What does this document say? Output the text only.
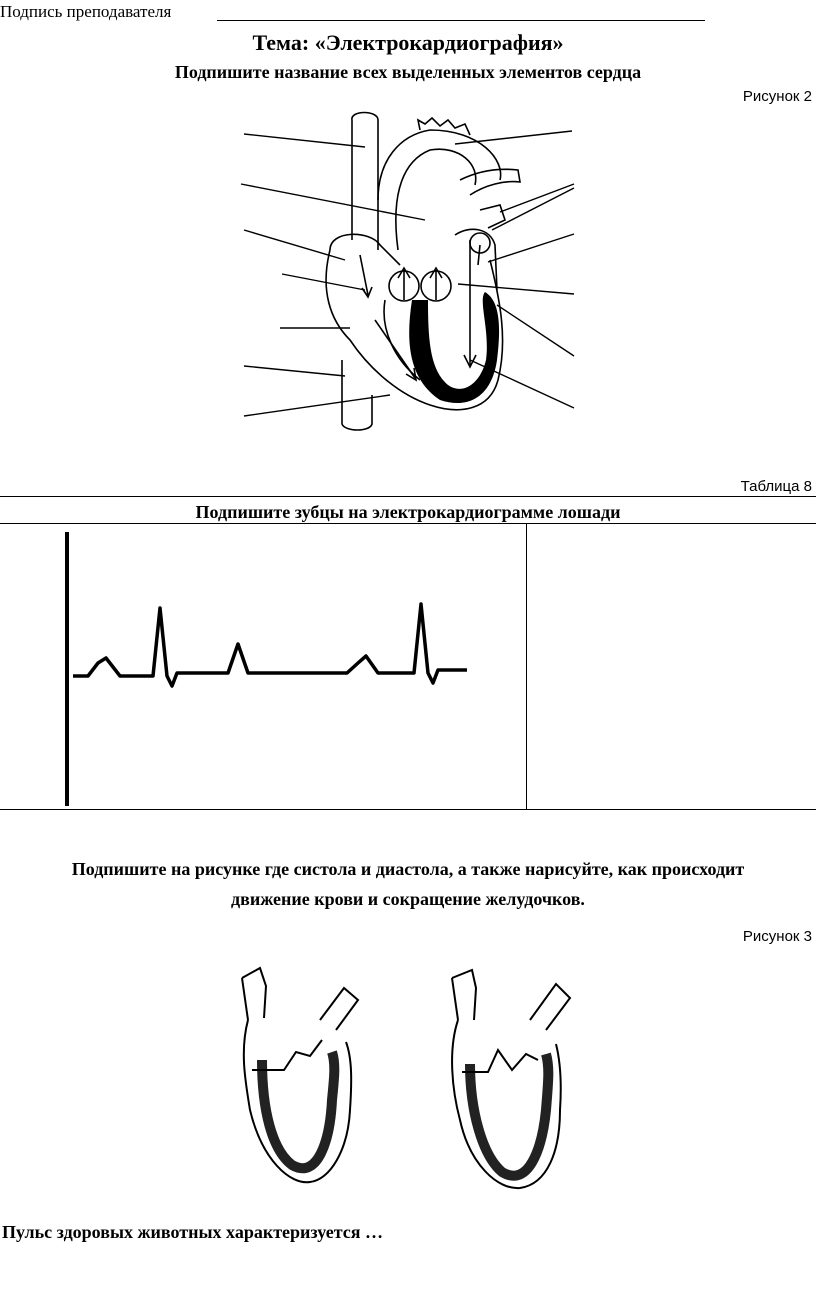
Подпись преподавателя
Тема: «Электрокардиография»
Подпишите название всех выделенных элементов сердца
Рисунок 2
Таблица 8
Подпишите зубцы на электрокардиограмме лошади
Подпишите на рисунке где систола и диастола, а также нарисуйте, как происходит
движение крови и сокращение желудочков.
Рисунок 3
Пульс здоровых животных характеризуется …
